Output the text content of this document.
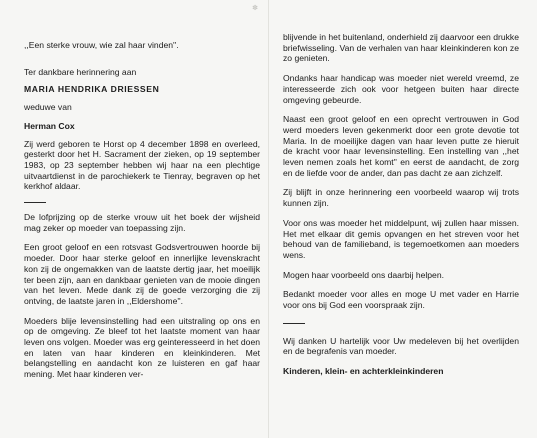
✽

,,Een sterke vrouw, wie zal haar vinden''.

Ter dankbare herinnering aan

MARIA HENDRIKA DRIESSEN

weduwe van

Herman Cox

Zij werd geboren te Horst op 4 december 1898 en overleed, gesterkt door het H. Sacrament der zieken, op 19 september 1983, op 23 september hebben wij haar na een plechtige uitvaartdienst in de parochiekerk te Tienray, begraven op het kerkhof aldaar.

De lofprijzing op de sterke vrouw uit het boek der wijsheid mag zeker op moeder van toepassing zijn.

Een groot geloof en een rotsvast Godsvertrouwen hoorde bij moeder. Door haar sterke geloof en innerlijke levenskracht kon zij de ongemakken van de laatste dertig jaar, het moeilijk ter been zijn, aan en dankbaar genieten van de mooie dingen van het leven. Mede dank zij de goede verzorging die zij ontving, de laatste jaren in ,,Eldershome''.

Moeders blije levensinstelling had een uitstraling op ons en op de omgeving. Ze bleef tot het laatste moment van haar leven ons volgen. Moeder was erg geinteresseerd in het doen en laten van haar kinderen en kleinkinderen. Met belangstelling en aandacht kon ze luisteren en gaf haar mening. Met haar kinderen ver-

blijvende in het buitenland, onderhield zij daarvoor een drukke briefwisseling. Van de verhalen van haar kleinkinderen kon ze zo genieten.

Ondanks haar handicap was moeder niet wereld vreemd, ze interesseerde zich ook voor hetgeen buiten haar directe omgeving gebeurde.

Naast een groot geloof en een oprecht vertrouwen in God werd moeders leven gekenmerkt door een grote devotie tot Maria. In de moeilijke dagen van haar leven putte ze hieruit de kracht voor haar levensinstelling. Een instelling van ,,het leven nemen zoals het komt'' en eerst de aandacht, de zorg en de liefde voor de ander, dan pas dacht ze aan zichzelf.

Zij blijft in onze herinnering een voorbeeld waarop wij trots kunnen zijn.

Voor ons was moeder het middelpunt, wij zullen haar missen. Het met elkaar dit gemis opvangen en het streven voor het behoud van de familieband, is tegemoetkomen aan moeders wens.

Mogen haar voorbeeld ons daarbij helpen.

Bedankt moeder voor alles en moge U met vader en Harrie voor ons bij God een voorspraak zijn.

Wij danken U hartelijk voor Uw medeleven bij het overlijden en de begrafenis van moeder.

Kinderen, klein- en achterkleinkinderen
